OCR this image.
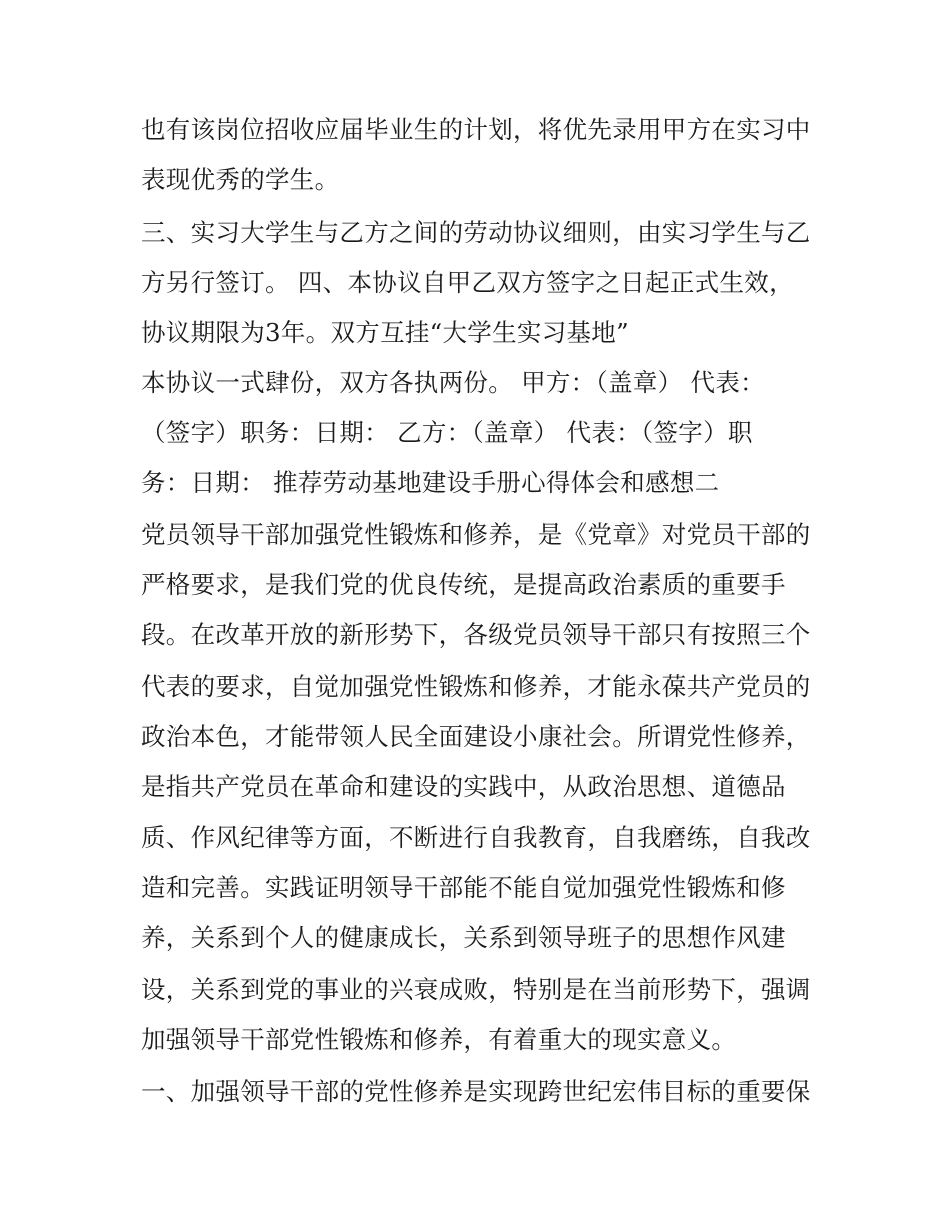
也有该岗位招收应届毕业生的计划，将优先录用甲方在实习中
表现优秀的学生。
三、实习大学生与乙方之间的劳动协议细则，由实习学生与乙
方另行签订。 四、本协议自甲乙双方签字之日起正式生效，
协议期限为3年。双方互挂“大学生实习基地”
本协议一式肆份，双方各执两份。 甲方：（盖章） 代表：
（签字）职务：日期： 乙方：（盖章） 代表：（签字）职
务：日期： 推荐劳动基地建设手册心得体会和感想二
党员领导干部加强党性锻炼和修养，是《党章》对党员干部的
严格要求，是我们党的优良传统，是提高政治素质的重要手
段。在改革开放的新形势下，各级党员领导干部只有按照三个
代表的要求，自觉加强党性锻炼和修养，才能永葆共产党员的
政治本色，才能带领人民全面建设小康社会。所谓党性修养，
是指共产党员在革命和建设的实践中，从政治思想、道德品
质、作风纪律等方面，不断进行自我教育，自我磨练，自我改
造和完善。实践证明领导干部能不能自觉加强党性锻炼和修
养，关系到个人的健康成长，关系到领导班子的思想作风建
设，关系到党的事业的兴衰成败，特别是在当前形势下，强调
加强领导干部党性锻炼和修养，有着重大的现实意义。
一、加强领导干部的党性修养是实现跨世纪宏伟目标的重要保
